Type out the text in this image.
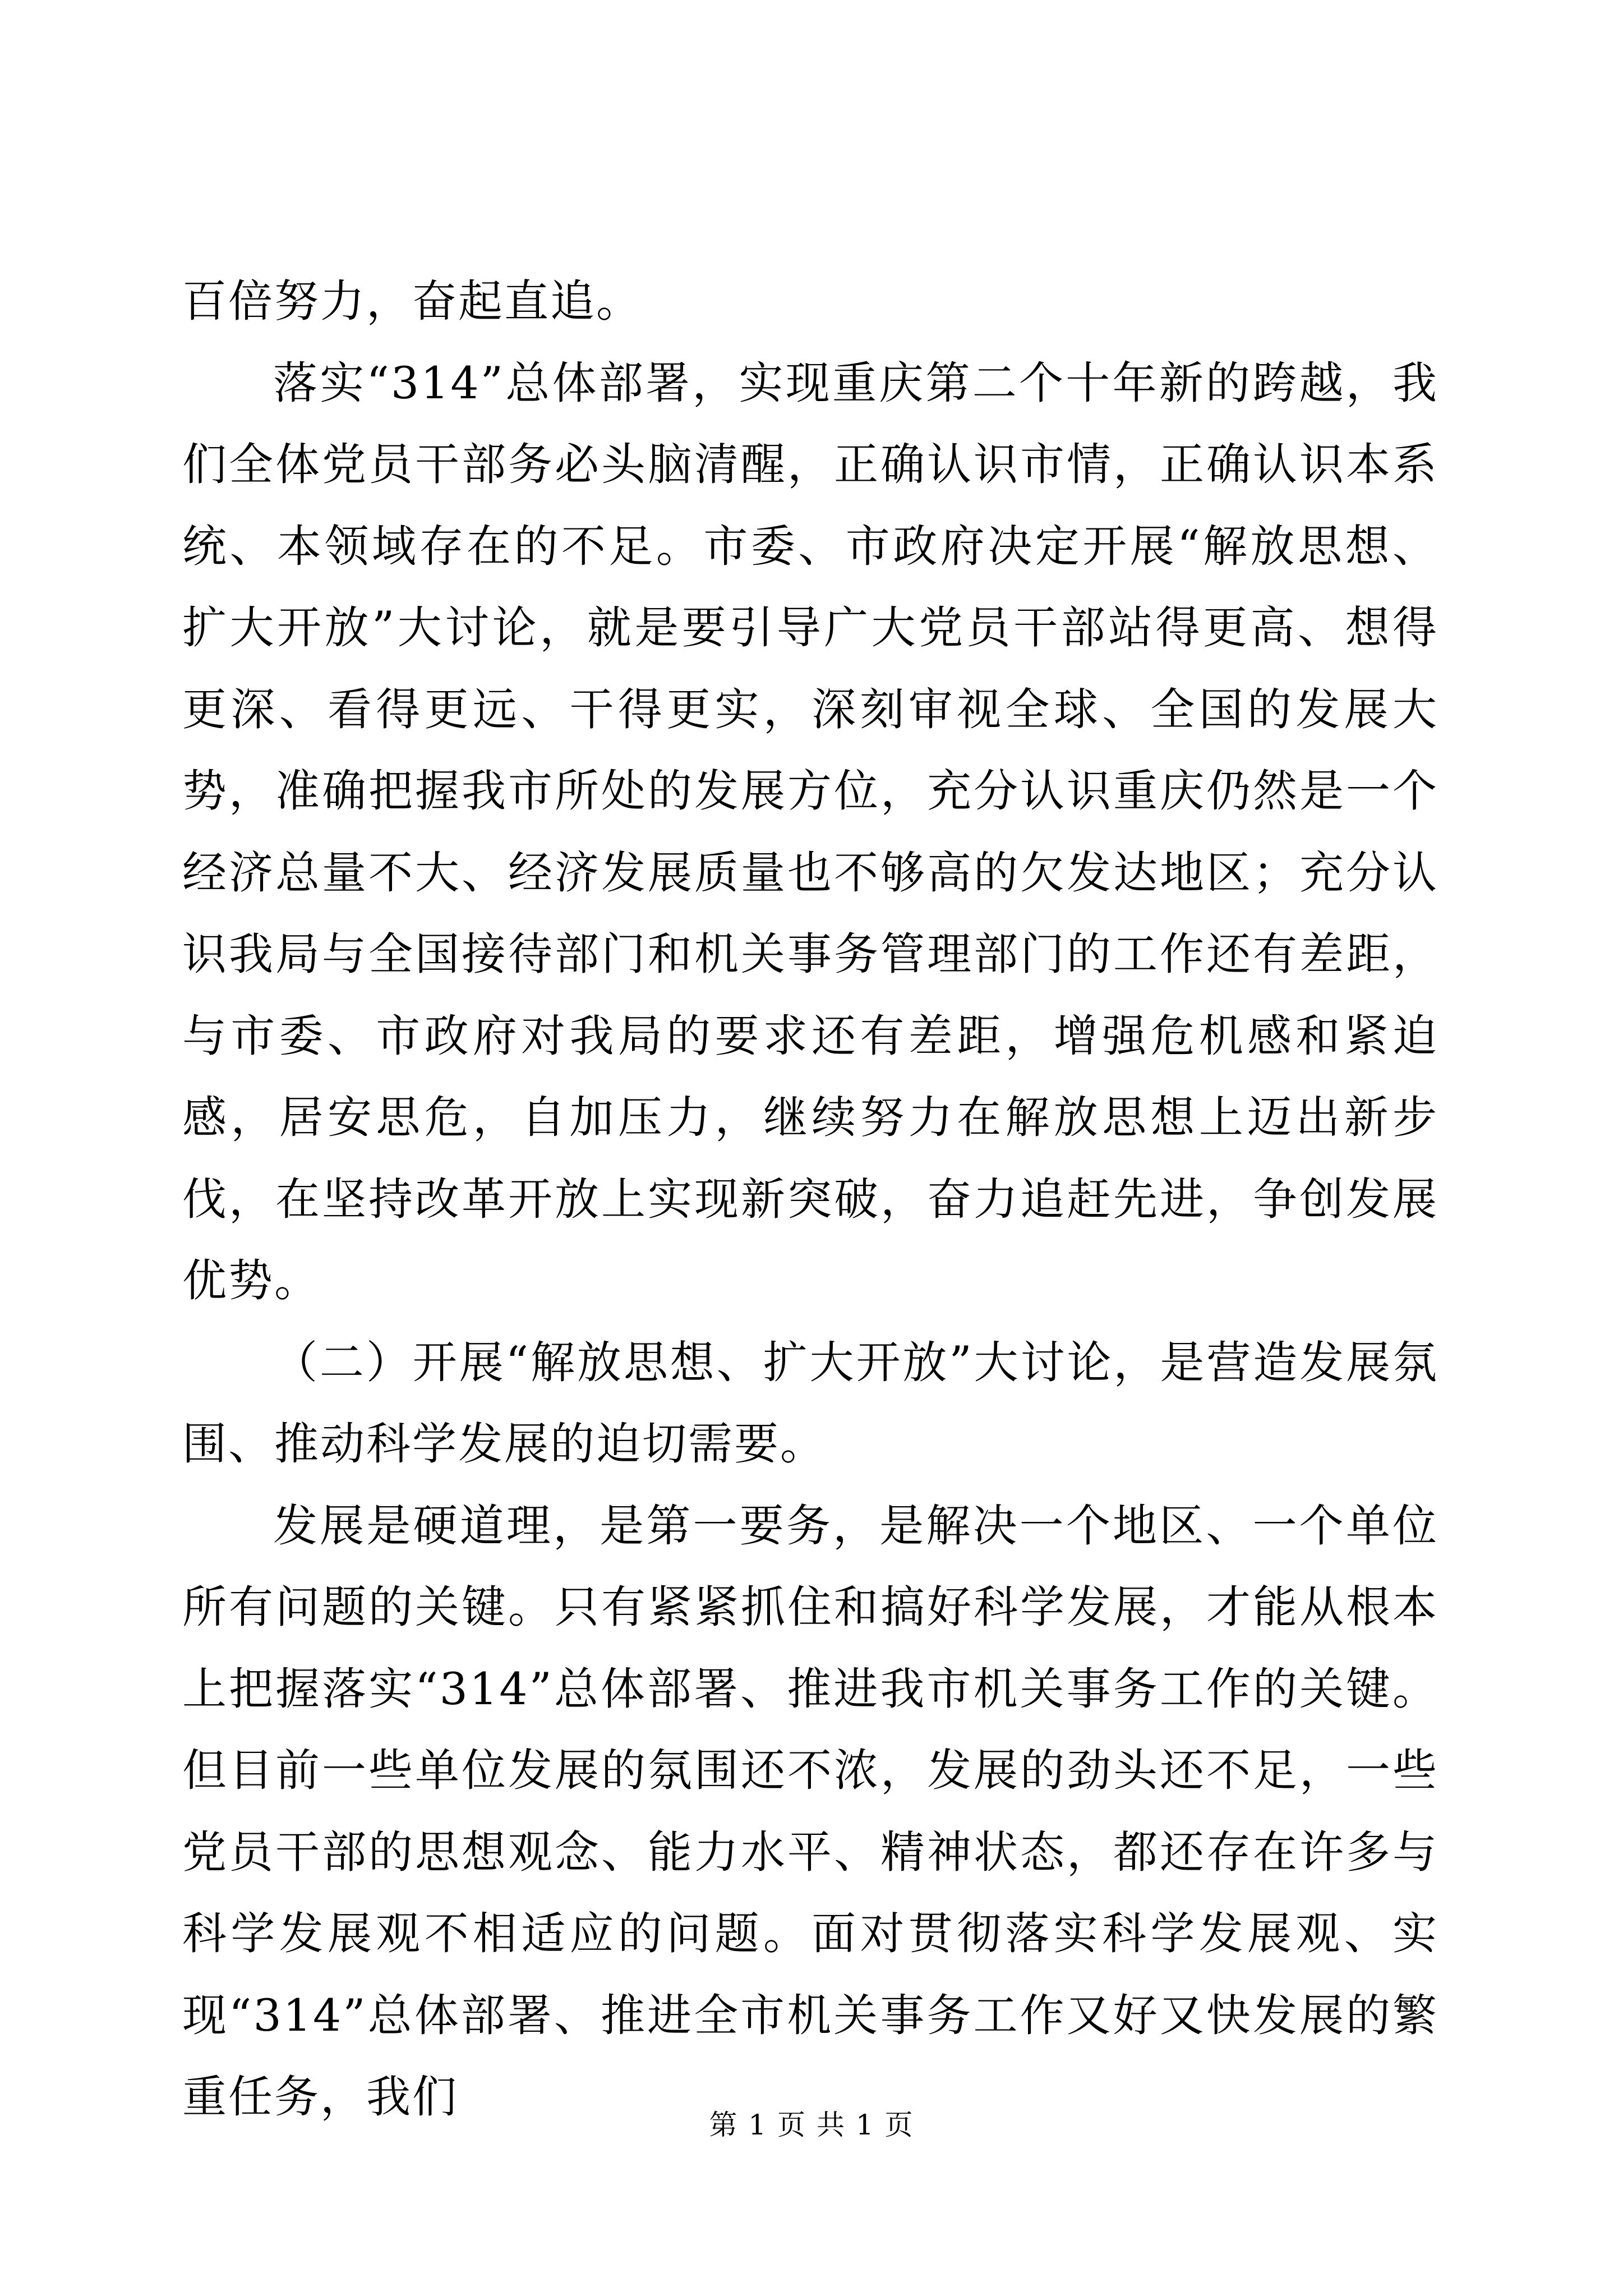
百倍努力，奋起直追。

落实“314”总体部署，实现重庆第二个十年新的跨越，我们全体党员干部务必头脑清醒，正确认识市情，正确认识本系统、本领域存在的不足。市委、市政府决定开展“解放思想、扩大开放”大讨论，就是要引导广大党员干部站得更高、想得更深、看得更远、干得更实，深刻审视全球、全国的发展大势，准确把握我市所处的发展方位，充分认识重庆仍然是一个经济总量不大、经济发展质量也不够高的欠发达地区；充分认识我局与全国接待部门和机关事务管理部门的工作还有差距，与市委、市政府对我局的要求还有差距，增强危机感和紧迫感，居安思危，自加压力，继续努力在解放思想上迈出新步伐，在坚持改革开放上实现新突破，奋力追赶先进，争创发展优势。

（二）开展“解放思想、扩大开放”大讨论，是营造发展氛围、推动科学发展的迫切需要。

发展是硬道理，是第一要务，是解决一个地区、一个单位所有问题的关键。只有紧紧抓住和搞好科学发展，才能从根本上把握落实“314”总体部署、推进我市机关事务工作的关键。但目前一些单位发展的氛围还不浓，发展的劲头还不足，一些党员干部的思想观念、能力水平、精神状态，都还存在许多与科学发展观不相适应的问题。面对贯彻落实科学发展观、实现“314”总体部署、推进全市机关事务工作又好又快发展的繁重任务，我们

第 1 页 共 1 页
